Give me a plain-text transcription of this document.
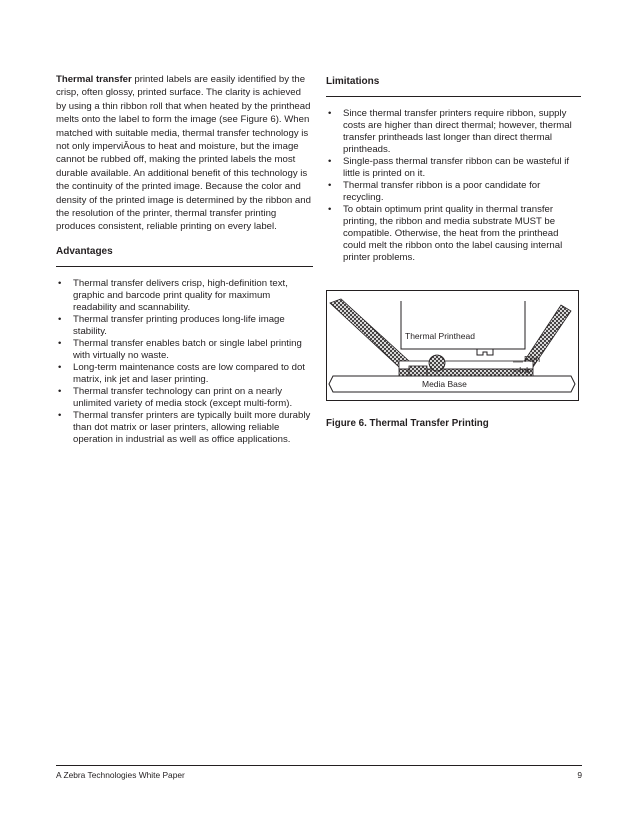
Thermal transfer printed labels are easily identified by the crisp, often glossy, printed surface. The clarity is achieved by using a thin ribbon roll that when heated by the printhead melts onto the label to form the image (see Figure 6). When matched with suitable media, thermal transfer technology is not only imperviÂous to heat and moisture, but the image cannot be rubbed off, making the printed labels the most durable available. An additional benefit of this technology is the continuity of the printed image. Because the color and density of the printed image is determined by the ribbon and the resolution of the printer, thermal transfer printing produces consistent, reliable printing on every label.

Advantages
• Thermal transfer delivers crisp, high-definition text, graphic and barcode print quality for maximum readability and scannability.
• Thermal transfer printing produces long-life image stability.
• Thermal transfer enables batch or single label printing with virtually no waste.
• Long-term maintenance costs are low compared to dot matrix, ink jet and laser printing.
• Thermal transfer technology can print on a nearly unlimited variety of media stock (except multi-form).
• Thermal transfer printers are typically built more durably than dot matrix or laser printers, allowing reliable operation in industrial as well as office applications.
Limitations
• Since thermal transfer printers require ribbon, supply costs are higher than direct thermal; however, thermal transfer printheads last longer than direct thermal printheads.
• Single-pass thermal transfer ribbon can be wasteful if little is printed on it.
• Thermal transfer ribbon is a poor candidate for recycling.
• To obtain optimum print quality in thermal transfer printing, the ribbon and media substrate MUST be compatible. Otherwise, the heat from the printhead could melt the ribbon onto the label causing internal printer problems.
Thermal Printhead
Media Base
Film
Ink
Figure 6. Thermal Transfer Printing
A Zebra Technologies White Paper	9
